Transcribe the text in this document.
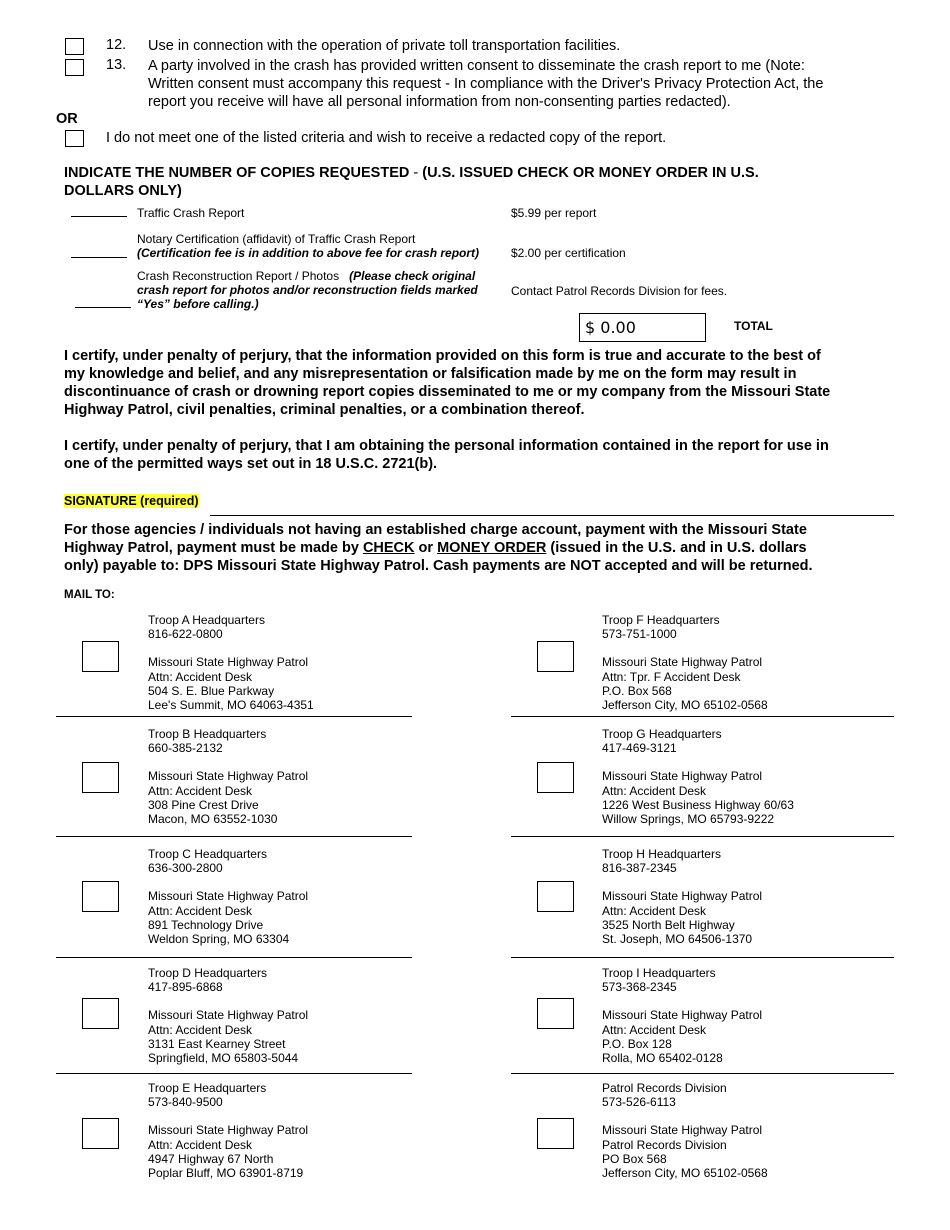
12. Use in connection with the operation of private toll transportation facilities.
13. A party involved in the crash has provided written consent to disseminate the crash report to me (Note:
Written consent must accompany this request - In compliance with the Driver's Privacy Protection Act, the
report you receive will have all personal information from non-consenting parties redacted).
OR
I do not meet one of the listed criteria and wish to receive a redacted copy of the report.
INDICATE THE NUMBER OF COPIES REQUESTED - (U.S. ISSUED CHECK OR MONEY ORDER IN U.S.
DOLLARS ONLY)
Traffic Crash Report	$5.99 per report
Notary Certification (affidavit) of Traffic Crash Report
(Certification fee is in addition to above fee for crash report)	$2.00 per certification
Crash Reconstruction Report / Photos (Please check original
crash report for photos and/or reconstruction fields marked
“Yes” before calling.)
Contact Patrol Records Division for fees.
$ 0.00	TOTAL
I certify, under penalty of perjury, that the information provided on this form is true and accurate to the best of
my knowledge and belief, and any misrepresentation or falsification made by me on the form may result in
discontinuance of crash or drowning report copies disseminated to me or my company from the Missouri State
Highway Patrol, civil penalties, criminal penalties, or a combination thereof.
I certify, under penalty of perjury, that I am obtaining the personal information contained in the report for use in
one of the permitted ways set out in 18 U.S.C. 2721(b).
SIGNATURE (required)
For those agencies / individuals not having an established charge account, payment with the Missouri State
Highway Patrol, payment must be made by CHECK or MONEY ORDER (issued in the U.S. and in U.S. dollars
only) payable to: DPS Missouri State Highway Patrol. Cash payments are NOT accepted and will be returned.
MAIL TO:
Troop A Headquarters
816-622-0800
Missouri State Highway Patrol
Attn: Accident Desk
504 S. E. Blue Parkway
Lee's Summit, MO 64063-4351
Troop B Headquarters
660-385-2132
Missouri State Highway Patrol
Attn: Accident Desk
308 Pine Crest Drive
Macon, MO 63552-1030
Troop C Headquarters
636-300-2800
Missouri State Highway Patrol
Attn: Accident Desk
891 Technology Drive
Weldon Spring, MO 63304
Troop D Headquarters
417-895-6868
Missouri State Highway Patrol
Attn: Accident Desk
3131 East Kearney Street
Springfield, MO 65803-5044
Troop E Headquarters
573-840-9500
Missouri State Highway Patrol
Attn: Accident Desk
4947 Highway 67 North
Poplar Bluff, MO 63901-8719
Troop F Headquarters
573-751-1000
Missouri State Highway Patrol
Attn: Tpr. F Accident Desk
P.O. Box 568
Jefferson City, MO 65102-0568
Troop G Headquarters
417-469-3121
Missouri State Highway Patrol
Attn: Accident Desk
1226 West Business Highway 60/63
Willow Springs, MO 65793-9222
Troop H Headquarters
816-387-2345
Missouri State Highway Patrol
Attn: Accident Desk
3525 North Belt Highway
St. Joseph, MO 64506-1370
Troop I Headquarters
573-368-2345
Missouri State Highway Patrol
Attn: Accident Desk
P.O. Box 128
Rolla, MO 65402-0128
Patrol Records Division
573-526-6113
Missouri State Highway Patrol
Patrol Records Division
PO Box 568
Jefferson City, MO 65102-0568
